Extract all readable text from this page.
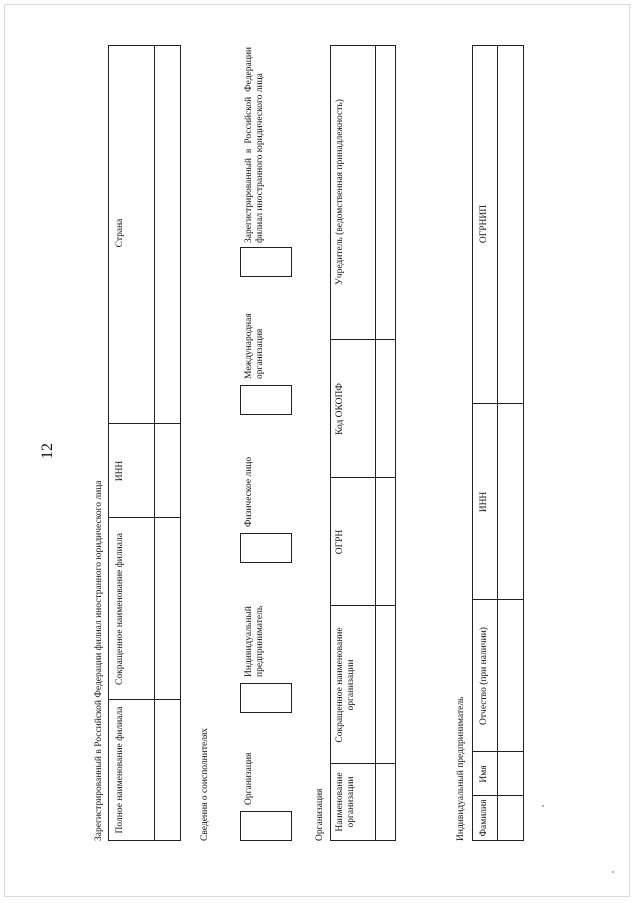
12
Зарегистрированный в Российской Федерации филиал иностранного юридического лица Полное наименование филиала
Сокращенное наименование филиала
ИНН
Страна
Сведения о соисполнителях	Организация
Индивидуальный предприниматель
Физическое лицо
Международная организация
Зарегистрированный в Российской Федерации филиал иностранного юридического лица
Организация Наименование организации
Сокращенное наименование организации
ОГРН
Код ОКОПФ
Учредитель (ведомственная принадлежность)
Индивидуальный предприниматель Фамилия
Имя
Отчество (при наличии)
ИНН
ОГРНИП
